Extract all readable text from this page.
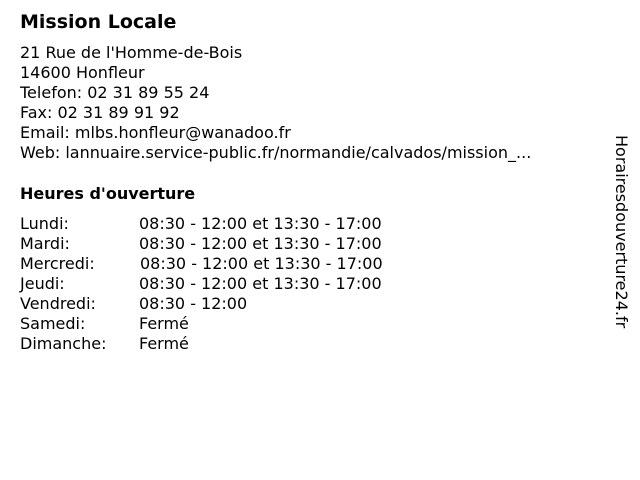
Mission Locale
21 Rue de l'Homme-de-Bois
14600 Honfleur
Telefon: 02 31 89 55 24
Fax: 02 31 89 91 92
Email: mlbs.honfleur@wanadoo.fr
Web: lannuaire.service-public.fr/normandie/calvados/mission_...
Heures d'ouverture
Lundi:	08:30 - 12:00 et 13:30 - 17:00
Mardi:	08:30 - 12:00 et 13:30 - 17:00
Mercredi:	08:30 - 12:00 et 13:30 - 17:00
Jeudi:	08:30 - 12:00 et 13:30 - 17:00
Vendredi:	08:30 - 12:00
Samedi:	Fermé
Dimanche: Fermé
Horairesdouverture24.fr
